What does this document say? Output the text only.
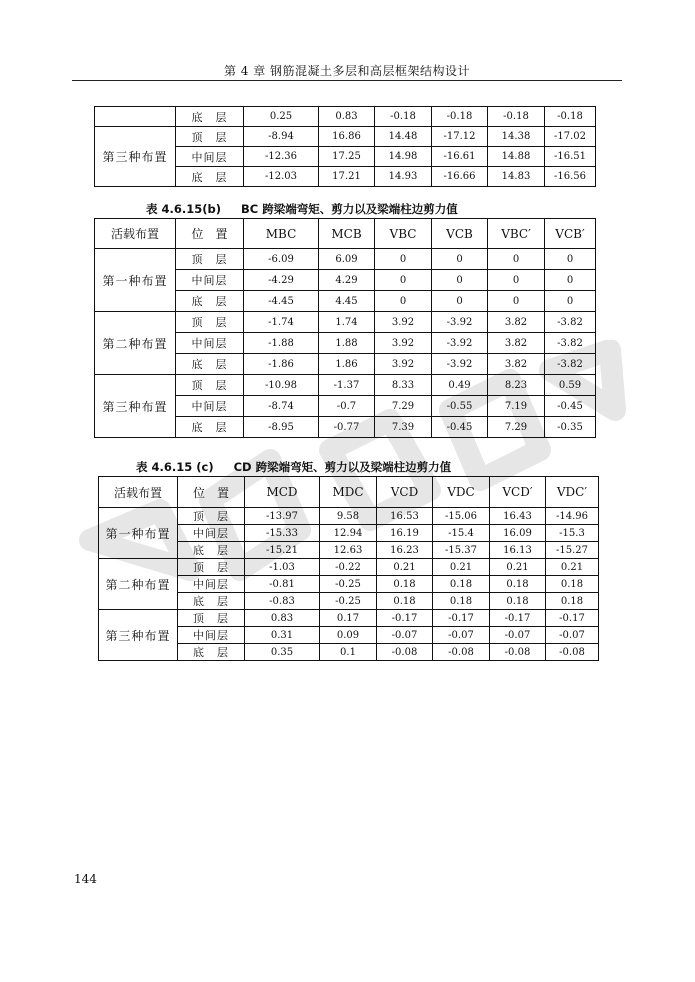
第 4 章 钢筋混凝土多层和高层框架结构设计
	底　层	0.25	0.83	-0.18	-0.18	-0.18	-0.18
第三种布置	顶　层	-8.94	16.86	14.48	-17.12	14.38	-17.02
	中间层	-12.36	17.25	14.98	-16.61	14.88	-16.51
	底　层	-12.03	17.21	14.93	-16.66	14.83	-16.56
表 4.6.15(b) BC 跨梁端弯矩、剪力以及梁端柱边剪力值
活载布置	位　置	MBC	MCB	VBC	VCB	VBC′	VCB′
第一种布置	顶　层	-6.09	6.09	0	0	0	0
	中间层	-4.29	4.29	0	0	0	0
	底　层	-4.45	4.45	0	0	0	0
第二种布置	顶　层	-1.74	1.74	3.92	-3.92	3.82	-3.82
	中间层	-1.88	1.88	3.92	-3.92	3.82	-3.82
	底　层	-1.86	1.86	3.92	-3.92	3.82	-3.82
第三种布置	顶　层	-10.98	-1.37	8.33	0.49	8.23	0.59
	中间层	-8.74	-0.7	7.29	-0.55	7.19	-0.45
	底　层	-8.95	-0.77	7.39	-0.45	7.29	-0.35
表 4.6.15 (c) CD 跨梁端弯矩、剪力以及梁端柱边剪力值
活载布置	位　置	MCD	MDC	VCD	VDC	VCD′	VDC′
第一种布置	顶　层	-13.97	9.58	16.53	-15.06	16.43	-14.96
	中间层	-15.33	12.94	16.19	-15.4	16.09	-15.3
	底　层	-15.21	12.63	16.23	-15.37	16.13	-15.27
第二种布置	顶　层	-1.03	-0.22	0.21	0.21	0.21	0.21
	中间层	-0.81	-0.25	0.18	0.18	0.18	0.18
	底　层	-0.83	-0.25	0.18	0.18	0.18	0.18
第三种布置	顶　层	0.83	0.17	-0.17	-0.17	-0.17	-0.17
	中间层	0.31	0.09	-0.07	-0.07	-0.07	-0.07
	底　层	0.35	0.1	-0.08	-0.08	-0.08	-0.08
144
